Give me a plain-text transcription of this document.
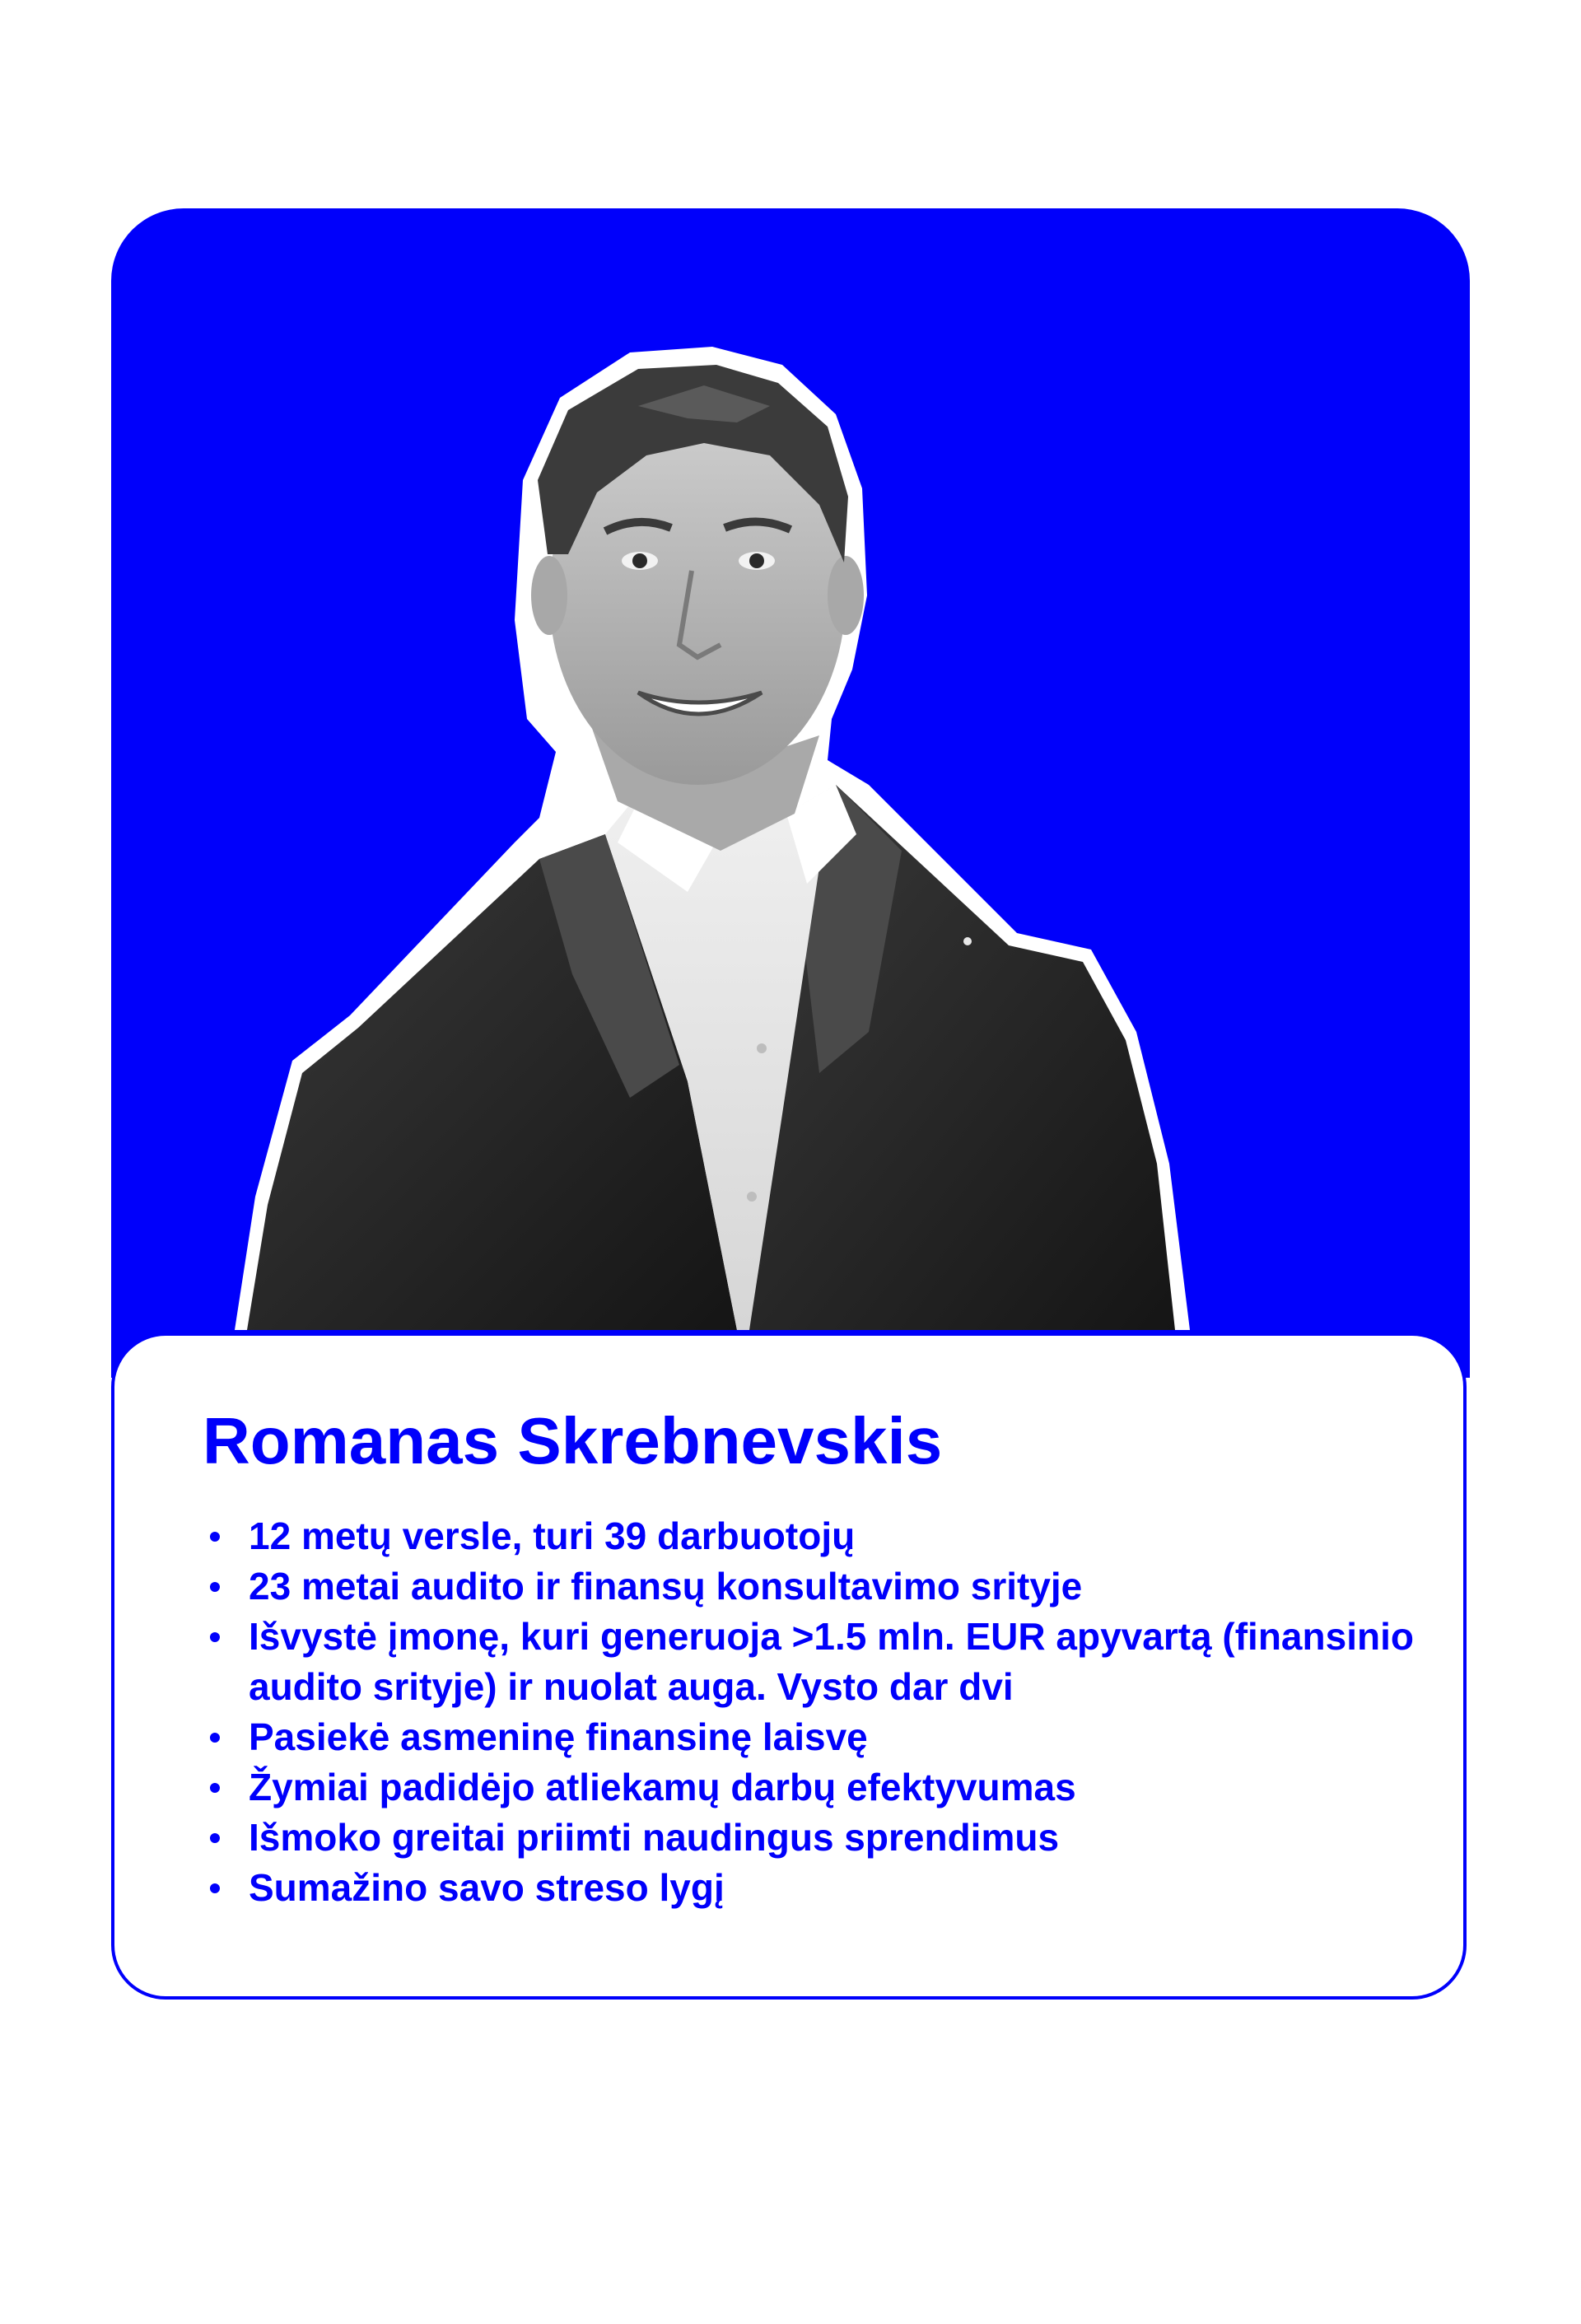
Romanas Skrebnevskis
• 12 metų versle, turi 39 darbuotojų
• 23 metai audito ir finansų konsultavimo srityje
• Išvystė įmonę, kuri generuoja >1.5 mln. EUR apyvartą (finansinio audito srityje) ir nuolat auga. Vysto dar dvi
• Pasiekė asmeninę finansinę laisvę
• Žymiai padidėjo atliekamų darbų efektyvumas
• Išmoko greitai priimti naudingus sprendimus
• Sumažino savo streso lygį
